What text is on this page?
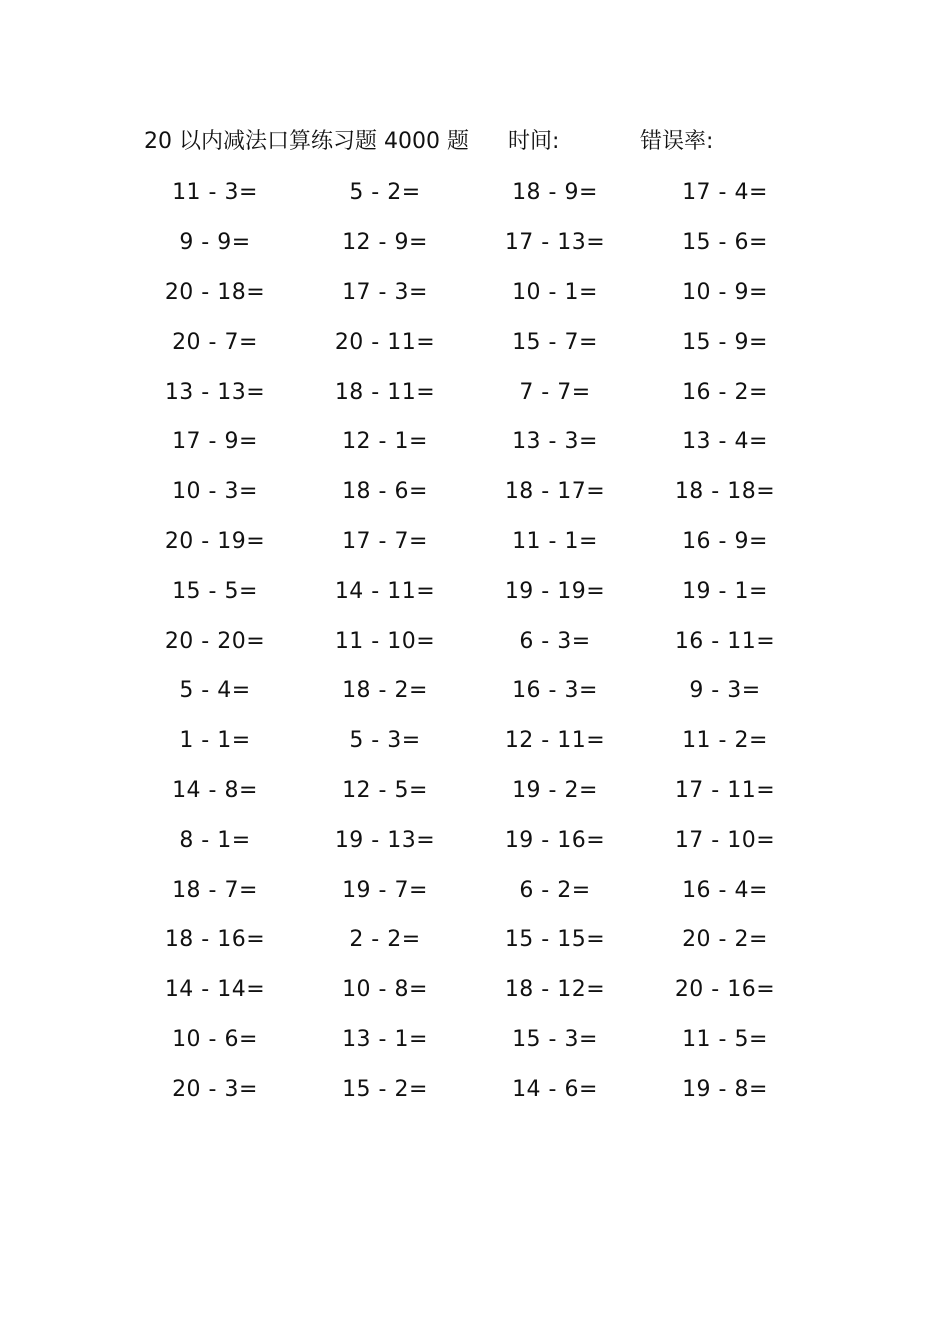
20 以内减法口算练习题 4000 题 时间:	错误率:
11 - 3=	5 - 2=	18 - 9=	17 - 4=
9 - 9=	12 - 9=	17 - 13=	15 - 6=
20 - 18=	17 - 3=	10 - 1=	10 - 9=
20 - 7=	20 - 11=	15 - 7=	15 - 9=
13 - 13=	18 - 11=	7 - 7=	16 - 2=
17 - 9=	12 - 1=	13 - 3=	13 - 4=
10 - 3=	18 - 6=	18 - 17=	18 - 18=
20 - 19=	17 - 7=	11 - 1=	16 - 9=
15 - 5=	14 - 11=	19 - 19=	19 - 1=
20 - 20=	11 - 10=	6 - 3=	16 - 11=
5 - 4=	18 - 2=	16 - 3=	9 - 3=
1 - 1=	5 - 3=	12 - 11=	11 - 2=
14 - 8=	12 - 5=	19 - 2=	17 - 11=
8 - 1=	19 - 13=	19 - 16=	17 - 10=
18 - 7=	19 - 7=	6 - 2=	16 - 4=
18 - 16=	2 - 2=	15 - 15=	20 - 2=
14 - 14=	10 - 8=	18 - 12=	20 - 16=
10 - 6=	13 - 1=	15 - 3=	11 - 5=
20 - 3=	15 - 2=	14 - 6=	19 - 8=
